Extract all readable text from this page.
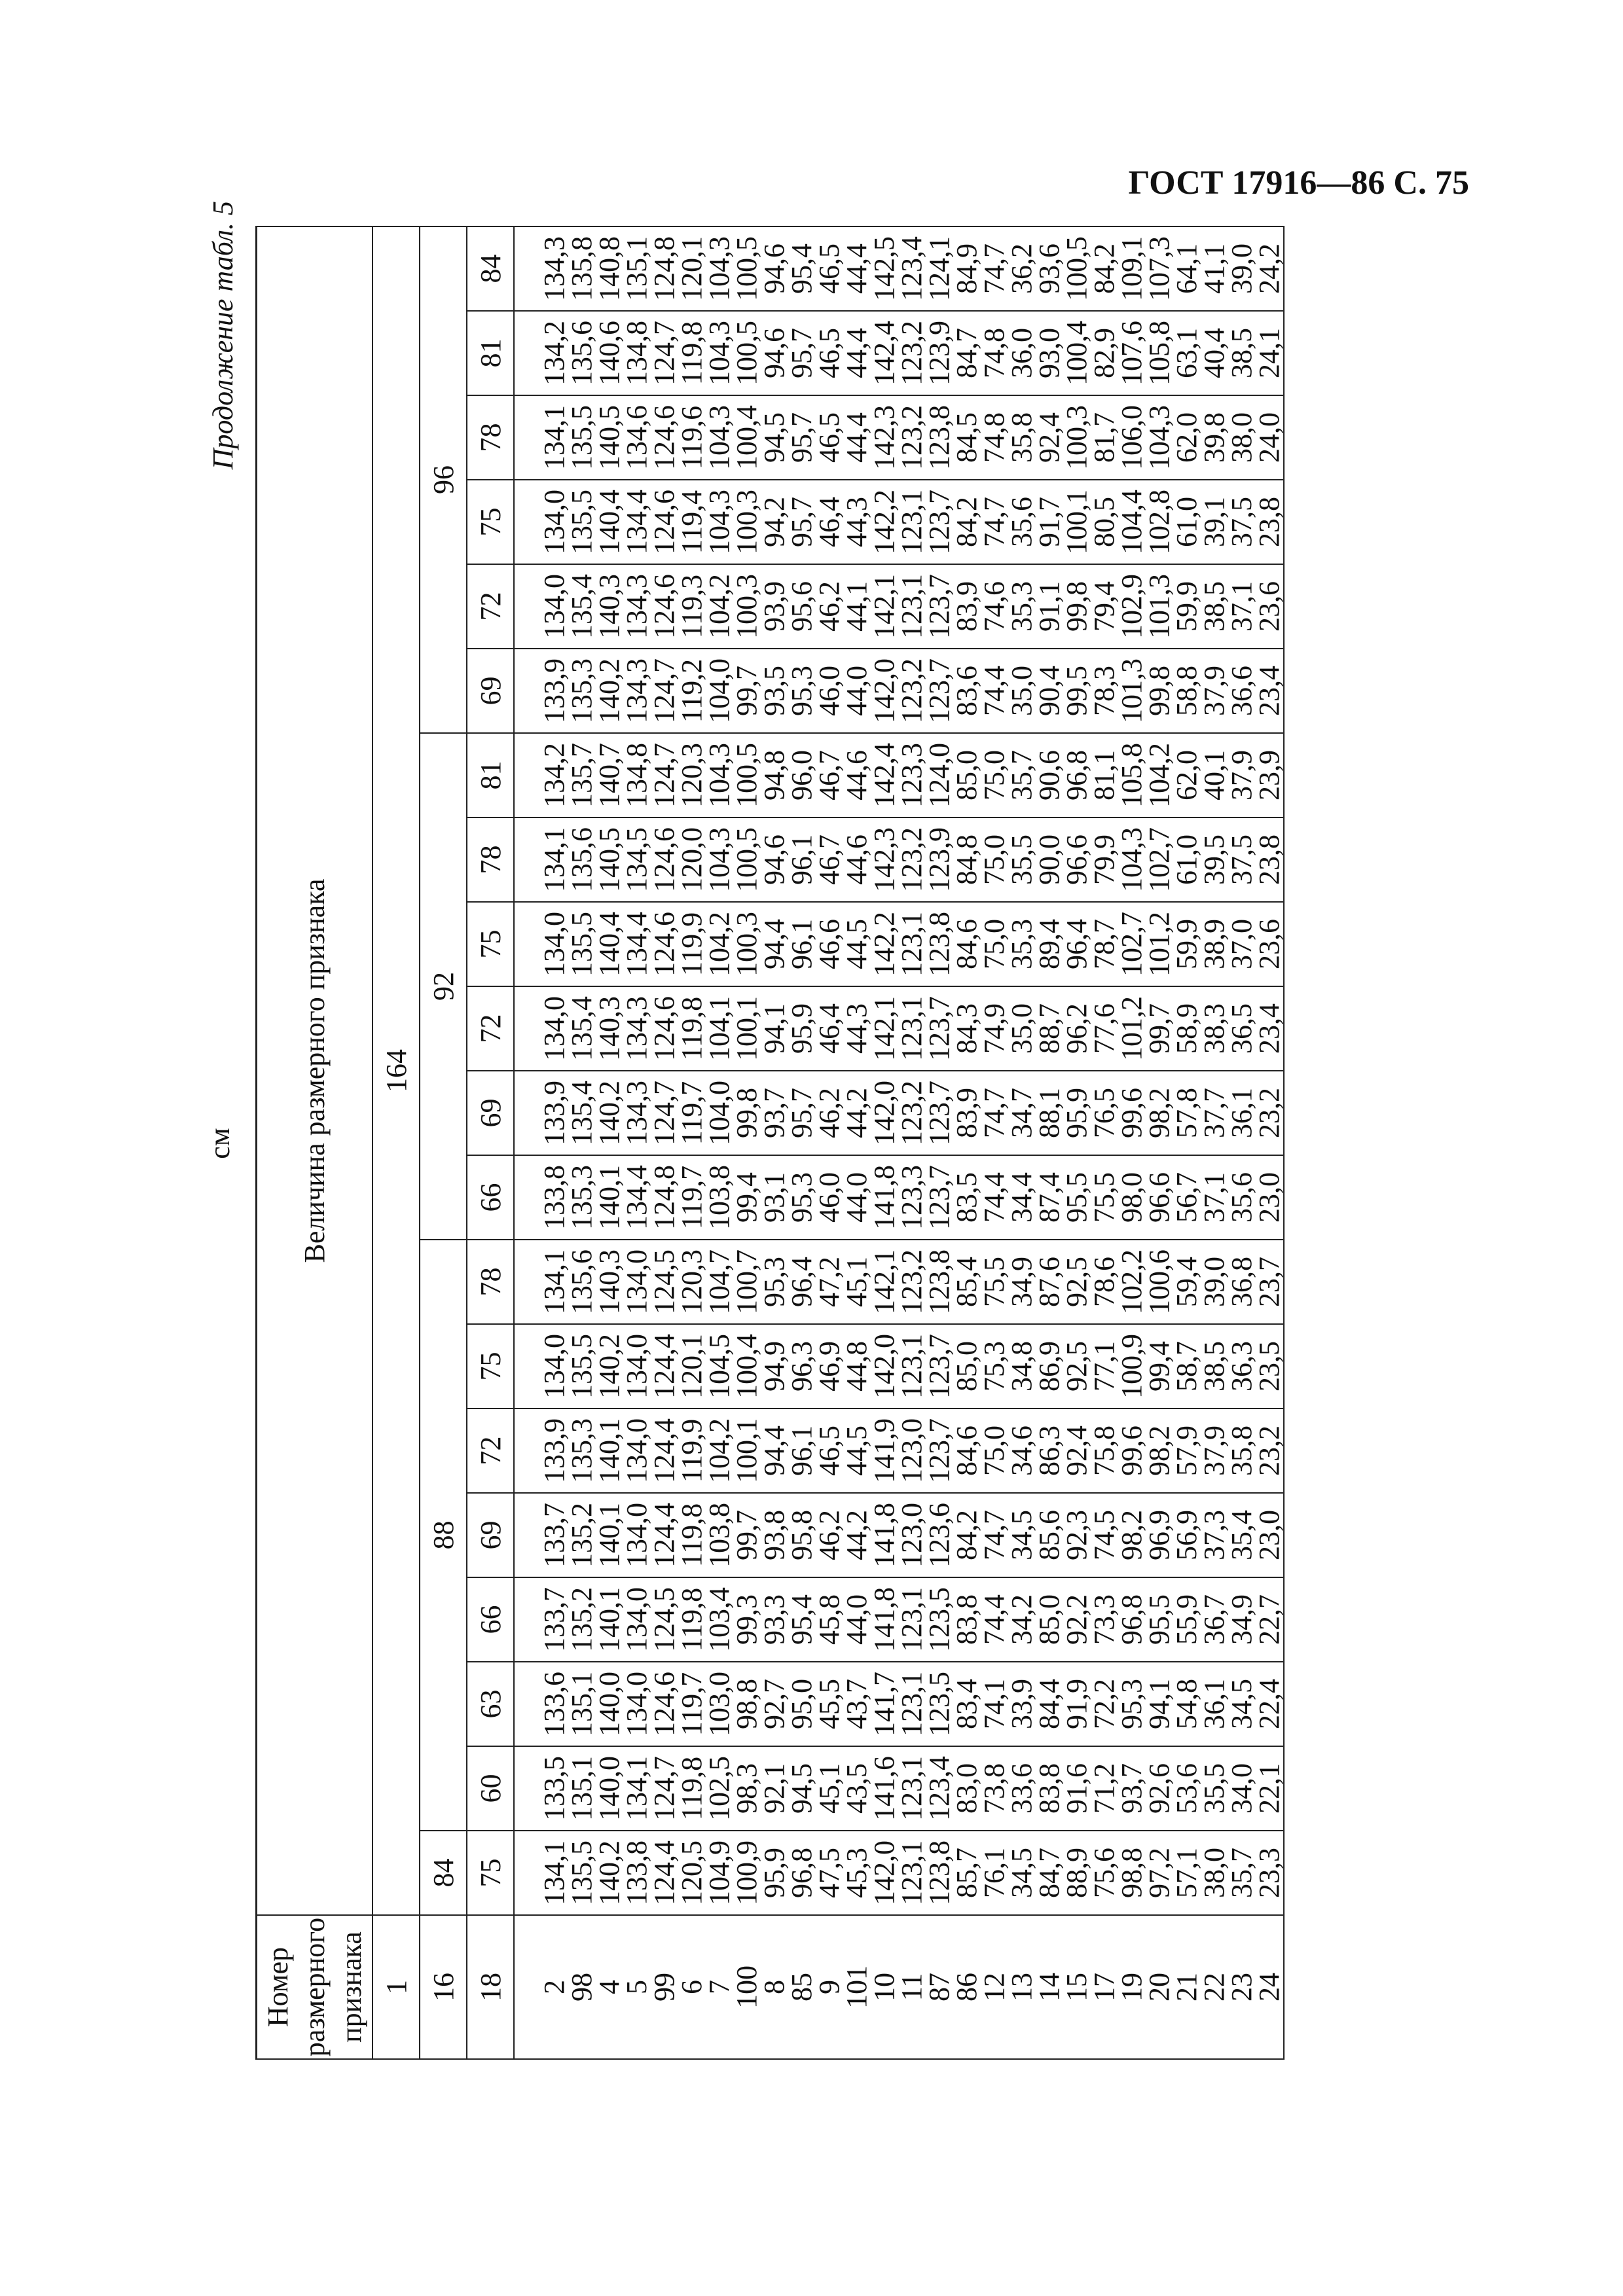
ГОСТ 17916—86 С. 75
см
Продолжение табл. 5
Номер размерного признака	Величина размерного признака																			
1	164																			
16	84	88							92						96					
18	75	60	63	66	69	72	75	78	66	69	72	75	78	81	69	72	75	78	81	84

2	134,1	133,5	133,6	133,7	133,7	133,9	134,0	134,1	133,8	133,9	134,0	134,0	134,1	134,2	133,9	134,0	134,0	134,1	134,2	134,3
98	135,5	135,1	135,1	135,2	135,2	135,3	135,5	135,6	135,3	135,4	135,4	135,5	135,6	135,7	135,3	135,4	135,5	135,5	135,6	135,8
4	140,2	140,0	140,0	140,1	140,1	140,1	140,2	140,3	140,1	140,2	140,3	140,4	140,5	140,7	140,2	140,3	140,4	140,5	140,6	140,8
5	133,8	134,1	134,0	134,0	134,0	134,0	134,0	134,0	134,4	134,3	134,3	134,4	134,5	134,8	134,3	134,3	134,4	134,6	134,8	135,1
99	124,4	124,7	124,6	124,5	124,4	124,4	124,4	124,5	124,8	124,7	124,6	124,6	124,6	124,7	124,7	124,6	124,6	124,6	124,7	124,8
6	120,5	119,8	119,7	119,8	119,8	119,9	120,1	120,3	119,7	119,7	119,8	119,9	120,0	120,3	119,2	119,3	119,4	119,6	119,8	120,1
7	104,9	102,5	103,0	103,4	103,8	104,2	104,5	104,7	103,8	104,0	104,1	104,2	104,3	104,3	104,0	104,2	104,3	104,3	104,3	104,3
100	100,9	98,3	98,8	99,3	99,7	100,1	100,4	100,7	99,4	99,8	100,1	100,3	100,5	100,5	99,7	100,3	100,3	100,4	100,5	100,5
8	95,9	92,1	92,7	93,3	93,8	94,4	94,9	95,3	93,1	93,7	94,1	94,4	94,6	94,8	93,5	93,9	94,2	94,5	94,6	94,6
85	96,8	94,5	95,0	95,4	95,8	96,1	96,3	96,4	95,3	95,7	95,9	96,1	96,1	96,0	95,3	95,6	95,7	95,7	95,7	95,4
9	47,5	45,1	45,5	45,8	46,2	46,5	46,9	47,2	46,0	46,2	46,4	46,6	46,7	46,7	46,0	46,2	46,4	46,5	46,5	46,5
101	45,3	43,5	43,7	44,0	44,2	44,5	44,8	45,1	44,0	44,2	44,3	44,5	44,6	44,6	44,0	44,1	44,3	44,4	44,4	44,4
10	142,0	141,6	141,7	141,8	141,8	141,9	142,0	142,1	141,8	142,0	142,1	142,2	142,3	142,4	142,0	142,1	142,2	142,3	142,4	142,5
11	123,1	123,1	123,1	123,1	123,0	123,0	123,1	123,2	123,3	123,2	123,1	123,1	123,2	123,3	123,2	123,1	123,1	123,2	123,2	123,4
87	123,8	123,4	123,5	123,5	123,6	123,7	123,7	123,8	123,7	123,7	123,7	123,8	123,9	124,0	123,7	123,7	123,7	123,8	123,9	124,1
86	85,7	83,0	83,4	83,8	84,2	84,6	85,0	85,4	83,5	83,9	84,3	84,6	84,8	85,0	83,6	83,9	84,2	84,5	84,7	84,9
12	76,1	73,8	74,1	74,4	74,7	75,0	75,3	75,5	74,4	74,7	74,9	75,0	75,0	75,0	74,4	74,6	74,7	74,8	74,8	74,7
13	34,5	33,6	33,9	34,2	34,5	34,6	34,8	34,9	34,4	34,7	35,0	35,3	35,5	35,7	35,0	35,3	35,6	35,8	36,0	36,2
14	84,7	83,8	84,4	85,0	85,6	86,3	86,9	87,6	87,4	88,1	88,7	89,4	90,0	90,6	90,4	91,1	91,7	92,4	93,0	93,6
15	88,9	91,6	91,9	92,2	92,3	92,4	92,5	92,5	95,5	95,9	96,2	96,4	96,6	96,8	99,5	99,8	100,1	100,3	100,4	100,5
17	75,6	71,2	72,2	73,3	74,5	75,8	77,1	78,6	75,5	76,5	77,6	78,7	79,9	81,1	78,3	79,4	80,5	81,7	82,9	84,2
19	98,8	93,7	95,3	96,8	98,2	99,6	100,9	102,2	98,0	99,6	101,2	102,7	104,3	105,8	101,3	102,9	104,4	106,0	107,6	109,1
20	97,2	92,6	94,1	95,5	96,9	98,2	99,4	100,6	96,6	98,2	99,7	101,2	102,7	104,2	99,8	101,3	102,8	104,3	105,8	107,3
21	57,1	53,6	54,8	55,9	56,9	57,9	58,7	59,4	56,7	57,8	58,9	59,9	61,0	62,0	58,8	59,9	61,0	62,0	63,1	64,1
22	38,0	35,5	36,1	36,7	37,3	37,9	38,5	39,0	37,1	37,7	38,3	38,9	39,5	40,1	37,9	38,5	39,1	39,8	40,4	41,1
23	35,7	34,0	34,5	34,9	35,4	35,8	36,3	36,8	35,6	36,1	36,5	37,0	37,5	37,9	36,6	37,1	37,5	38,0	38,5	39,0
24	23,3	22,1	22,4	22,7	23,0	23,2	23,5	23,7	23,0	23,2	23,4	23,6	23,8	23,9	23,4	23,6	23,8	24,0	24,1	24,2
